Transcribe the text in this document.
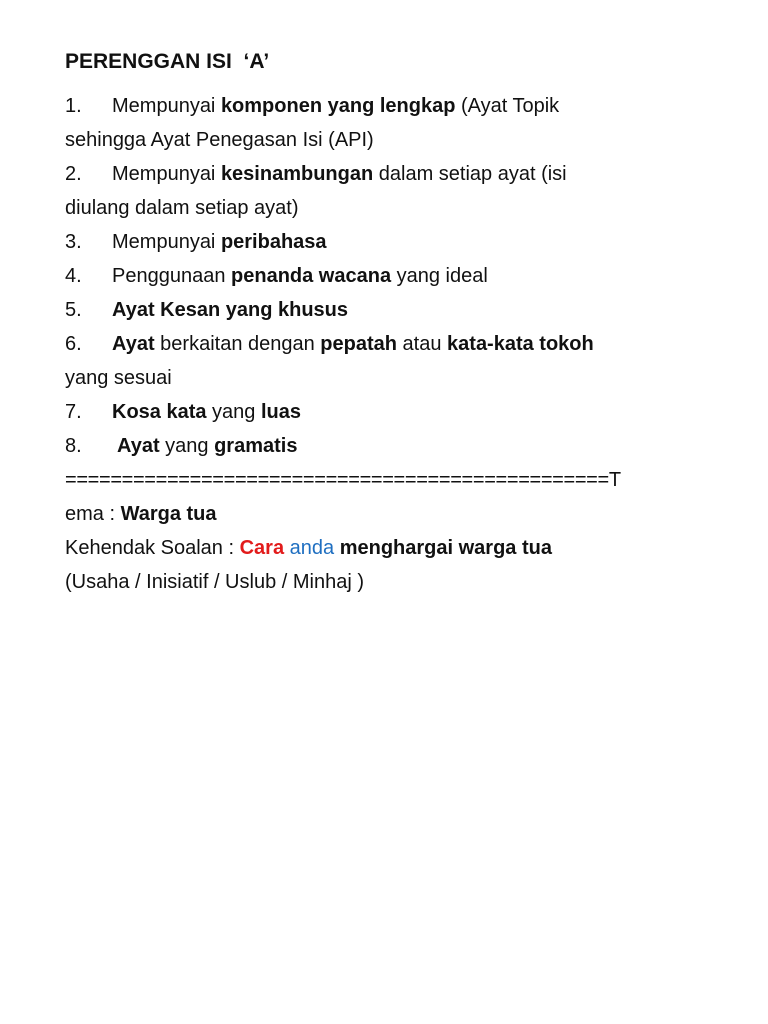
PERENGGAN ISI  ‘A’
1. Mempunyai komponen yang lengkap (Ayat Topik
sehingga Ayat Penegasan Isi (API)
2. Mempunyai kesinambungan dalam setiap ayat (isi
diulang dalam setiap ayat)
3. Mempunyai peribahasa
4. Penggunaan penanda wacana yang ideal
5. Ayat Kesan yang khusus
6. Ayat berkaitan dengan pepatah atau kata-kata tokoh
yang sesuai
7. Kosa kata yang luas
8. Ayat yang gramatis
================================================T
ema : Warga tua
Kehendak Soalan : Cara anda menghargai warga tua
(Usaha / Inisiatif / Uslub / Minhaj )
